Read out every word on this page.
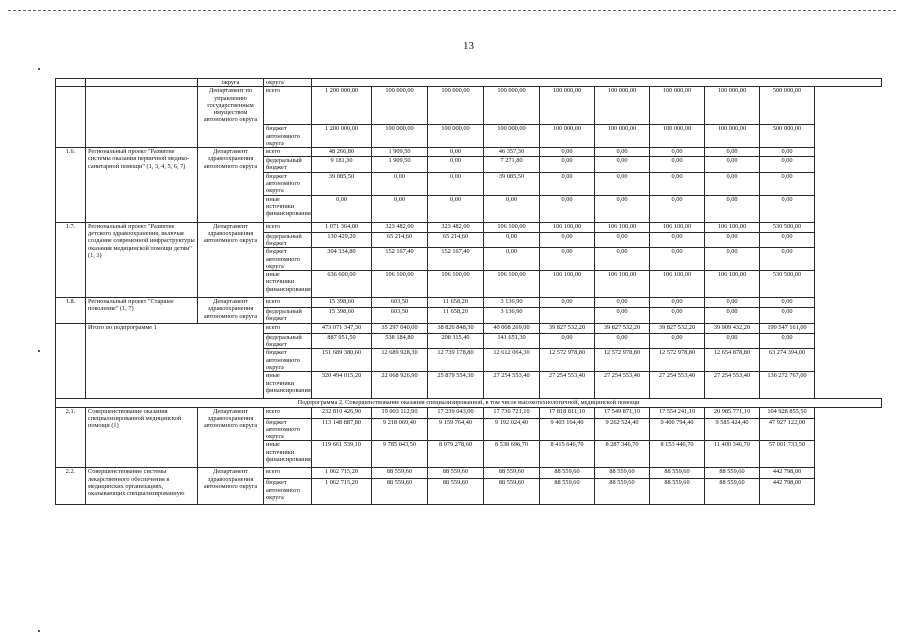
13
		округа	округа									
		Департамент по управлению государственным имуществом автономного округа	всего	1 200 000,00	100 000,00	100 000,00	100 000,00	100 000,00	100 000,00	100 000,00	100 000,00	500 000,00
			бюджет автономного округа	1 200 000,00	100 000,00	100 000,00	100 000,00	100 000,00	100 000,00	100 000,00	100 000,00	500 000,00
1.6.	Региональный проект "Развитие системы оказания первичной медико-санитарной помощи" (1, 3, 4, 5, 6, 7)	Департамент здравоохранения автономного округа	всего	48 266,80	1 909,50	0,00	46 357,30	0,00	0,00	0,00	0,00	0,00
			федеральный бюджет	9 181,30	1 909,50	0,00	7 271,80	0,00	0,00	0,00	0,00	0,00
			бюджет автономного округа	39 085,50	0,00	0,00	39 085,50	0,00	0,00	0,00	0,00	0,00
			иные источники финансирования	0,00	0,00	0,00	0,00	0,00	0,00	0,00	0,00	0,00
1.7.	Региональный проект "Развитие детского здравоохранения, включая создание современной инфраструктуры оказания медицинской помощи детям" (1, 3)	Департамент здравоохранения автономного округа	всего	1 071 364,00	323 482,00	323 482,00	106 100,00	106 100,00	106 100,00	106 100,00	106 100,00	530 500,00
			федеральный бюджет	130 429,20	65 214,60	65 214,60	0,00	0,00	0,00	0,00	0,00	0,00
			бюджет автономного округа	304 334,80	152 167,40	152 167,40	0,00	0,00	0,00	0,00	0,00	0,00
			иные источники финансирования	636 600,00	106 100,00	106 100,00	106 100,00	106 100,00	106 100,00	106 100,00	106 100,00	530 500,00
1.8.	Региональный проект "Старшее поколение" (1, 7)	Департамент здравоохранения автономного округа	всего	15 398,60	603,50	11 658,20	3 136,90	0,00	0,00	0,00	0,00	0,00
			федеральный бюджет	15 398,60	603,50	11 658,20	3 136,90		0,00	0,00	0,00	0,00
	Итого по подпрограмме 1		всего	473 071 347,30	35 297 040,00	38 826 848,30	40 008 269,00	39 827 532,20	39 827 532,20	39 827 532,20	39 909 432,20	199 547 161,00
			федеральный бюджет	887 951,50	538 184,80	208 115,40	141 651,30	0,00	0,00	0,00	0,00	0,00
			бюджет автономного округа	151 689 380,60	12 689 928,30	12 739 178,80	12 612 064,30	12 572 978,80	12 572 978,80	12 572 978,80	12 654 878,80	63 274 394,00
			иные источники финансирования	320 494 015,20	22 068 926,90	25 879 554,30	27 254 553,40	27 254 553,40	27 254 553,40	27 254 553,40	27 254 553,40	136 272 767,00
Подпрограмма 2. Совершенствование оказания специализированной, в том числе высокотехнологичной, медицинской помощи												
2.1.	Совершенствование оказания специализированной медицинской помощи (1)	Департамент здравоохранения автономного округа	всего	232 810 426,90	19 003 112,90	17 239 043,00	17 730 721,10	17 818 811,10	17 549 871,10	17 554 241,10	20 985 771,10	104 928 855,50
			бюджет автономного округа	113 148 887,80	9 218 069,40	9 159 764,40	9 192 024,40	9 403 164,40	9 262 524,40	9 400 794,40	9 585 424,40	47 927 122,00
			иные источники финансирования	119 661 539,10	9 785 043,50	8 079 278,60	8 538 696,70	8 415 646,70	8 287 346,70	8 153 446,70	11 400 346,70	57 001 733,50
2.2.	Совершенствование системы лекарственного обеспечения в медицинских организациях, оказывающих специализированную	Департамент здравоохранения автономного округа	всего	1 062 715,20	88 559,60	88 559,60	88 559,60	88 559,60	88 559,60	88 559,60	88 559,60	442 798,00
			бюджет автономного округа	1 062 715,20	88 559,60	88 559,60	88 559,60	88 559,60	88 559,60	88 559,60	88 559,60	442 798,00
